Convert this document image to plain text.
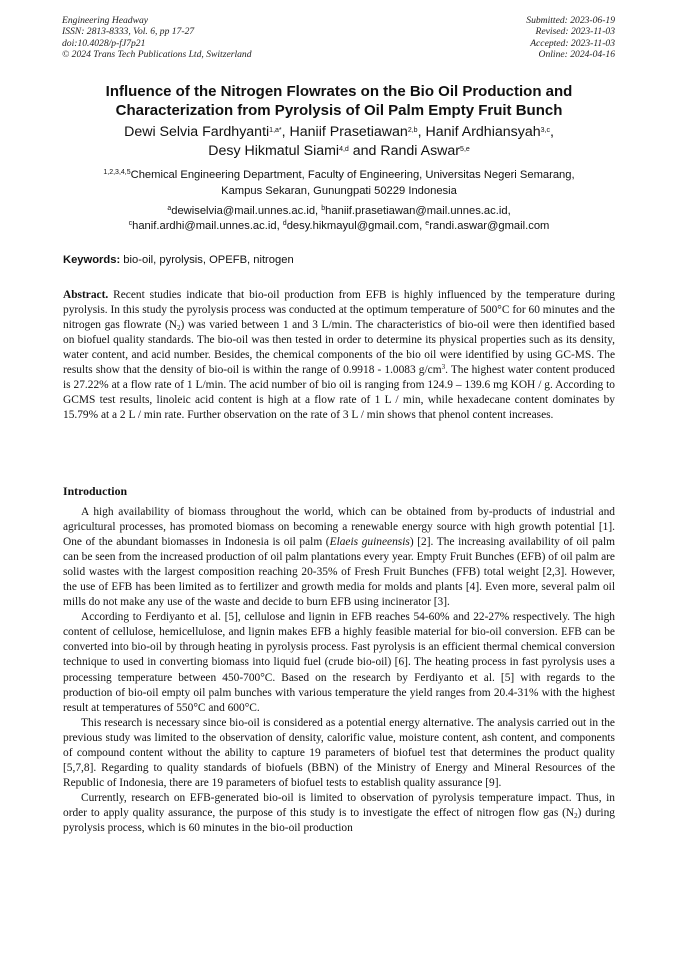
Engineering Headway
ISSN: 2813-8333, Vol. 6, pp 17-27
doi:10.4028/p-fJ7p21
© 2024 Trans Tech Publications Ltd, Switzerland
Submitted: 2023-06-19
Revised: 2023-11-03
Accepted: 2023-11-03
Online: 2024-04-16
Influence of the Nitrogen Flowrates on the Bio Oil Production and
Characterization from Pyrolysis of Oil Palm Empty Fruit Bunch
Dewi Selvia Fardhyanti$^{1,a*}$, Haniif Prasetiawan$^{2,b}$, Hanif Ardhiansyah$^{3,c}$,
Desy Hikmatul Siami$^{4,d}$ and Randi Aswar$^{5,e}$
$^{1,2,3,4,5}$Chemical Engineering Department, Faculty of Engineering, Universitas Negeri Semarang,
Kampus Sekaran, Gunungpati 50229 Indonesia
$^a$dewiselvia@mail.unnes.ac.id, $^b$haniif.prasetiawan@mail.unnes.ac.id,
$^c$hanif.ardhi@mail.unnes.ac.id, $^d$desy.hikmayul@gmail.com, $^e$randi.aswar@gmail.com
Keywords: bio-oil, pyrolysis, OPEFB, nitrogen
Abstract. Recent studies indicate that bio-oil production from EFB is highly influenced by the temperature during pyrolysis. In this study the pyrolysis process was conducted at the optimum temperature of 500°C for 60 minutes and the nitrogen gas flowrate $(N_2)$ was varied between 1 and 3 L/min. The characteristics of bio-oil were then identified based on biofuel quality standards. The bio-oil was then tested in order to determine its physical properties such as its density, water content, and acid number. Besides, the chemical components of the bio oil were identified by using GC-MS. The results show that the density of bio-oil is within the range of 0.9918 - 1.0083 $g/cm^3$. The highest water content produced is 27.22% at a flow rate of 1 L/min. The acid number of bio oil is ranging from 124.9 – 139.6 mg KOH / g. According to GCMS test results, linoleic acid content is high at a flow rate of 1 L / min, while hexadecane content dominates by 15.79% at a 2 L / min rate. Further observation on the rate of 3 L / min shows that phenol content increases.
Introduction

A high availability of biomass throughout the world, which can be obtained from by-products of industrial and agricultural processes, has promoted biomass on becoming a renewable energy source with high growth potential [1]. One of the abundant biomasses in Indonesia is oil palm (Elaeis guineensis) [2]. The increasing availability of oil palm can be seen from the increased production of oil palm plantations every year. Empty Fruit Bunches (EFB) of oil palm are solid wastes with the largest composition reaching 20-35% of Fresh Fruit Bunches (FFB) total weight [2,3]. However, the use of EFB has been limited as to fertilizer and growth media for molds and plants [4]. Even more, several palm oil mills do not make any use of the waste and decide to burn EFB using incinerator [3].

According to Ferdiyanto et al. [5], cellulose and lignin in EFB reaches 54-60% and 22-27% respectively. The high content of cellulose, hemicellulose, and lignin makes EFB a highly feasible material for bio-oil conversion. EFB can be converted into bio-oil by through heating in pyrolysis process. Fast pyrolysis is an efficient thermal chemical conversion technique to used in converting biomass into liquid fuel (crude bio-oil) [6]. The heating process in fast pyrolysis uses a processing temperature between 450-700°C. Based on the research by Ferdiyanto et al. [5] with regards to the production of bio-oil empty oil palm bunches with various temperature the yield ranges from 20.4-31% with the highest result at temperatures of 550°C and 600°C.

This research is necessary since bio-oil is considered as a potential energy alternative. The analysis carried out in the previous study was limited to the observation of density, calorific value, moisture content, ash content, and components of compound content without the ability to capture 19 parameters of biofuel test that determines the product quality [5,7,8]. Regarding to quality standards of biofuels (BBN) of the Ministry of Energy and Mineral Resources of the Republic of Indonesia, there are 19 parameters of biofuel tests to establish quality assurance [9].

Currently, research on EFB-generated bio-oil is limited to observation of pyrolysis temperature impact. Thus, in order to apply quality assurance, the purpose of this study is to investigate the effect of nitrogen flow gas $(N_2)$ during pyrolysis process, which is 60 minutes in the bio-oil production
